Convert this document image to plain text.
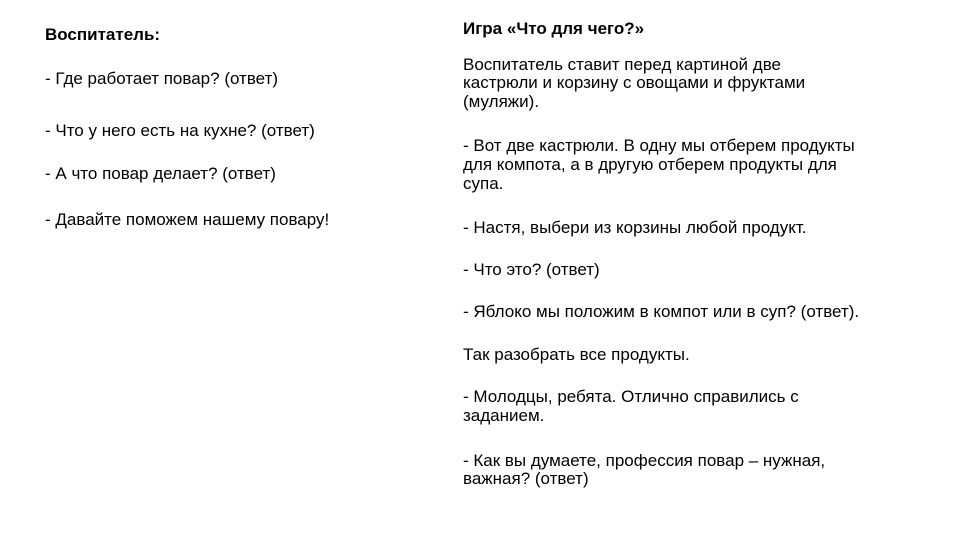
Воспитатель:
- Где работает повар? (ответ)
- Что у него есть на кухне? (ответ)
- А что повар делает? (ответ)
- Давайте поможем нашему повару!
Игра «Что для чего?»
Воспитатель ставит перед картиной две
кастрюли и корзину с овощами и фруктами
(муляжи).
- Вот две кастрюли. В одну мы отберем продукты
для компота, а в другую отберем продукты для
супа.
- Настя, выбери из корзины любой продукт.
- Что это? (ответ)
- Яблоко мы положим в компот или в суп? (ответ).
Так разобрать все продукты.
- Молодцы, ребята. Отлично справились с
заданием.
- Как вы думаете, профессия повар – нужная,
важная? (ответ)
